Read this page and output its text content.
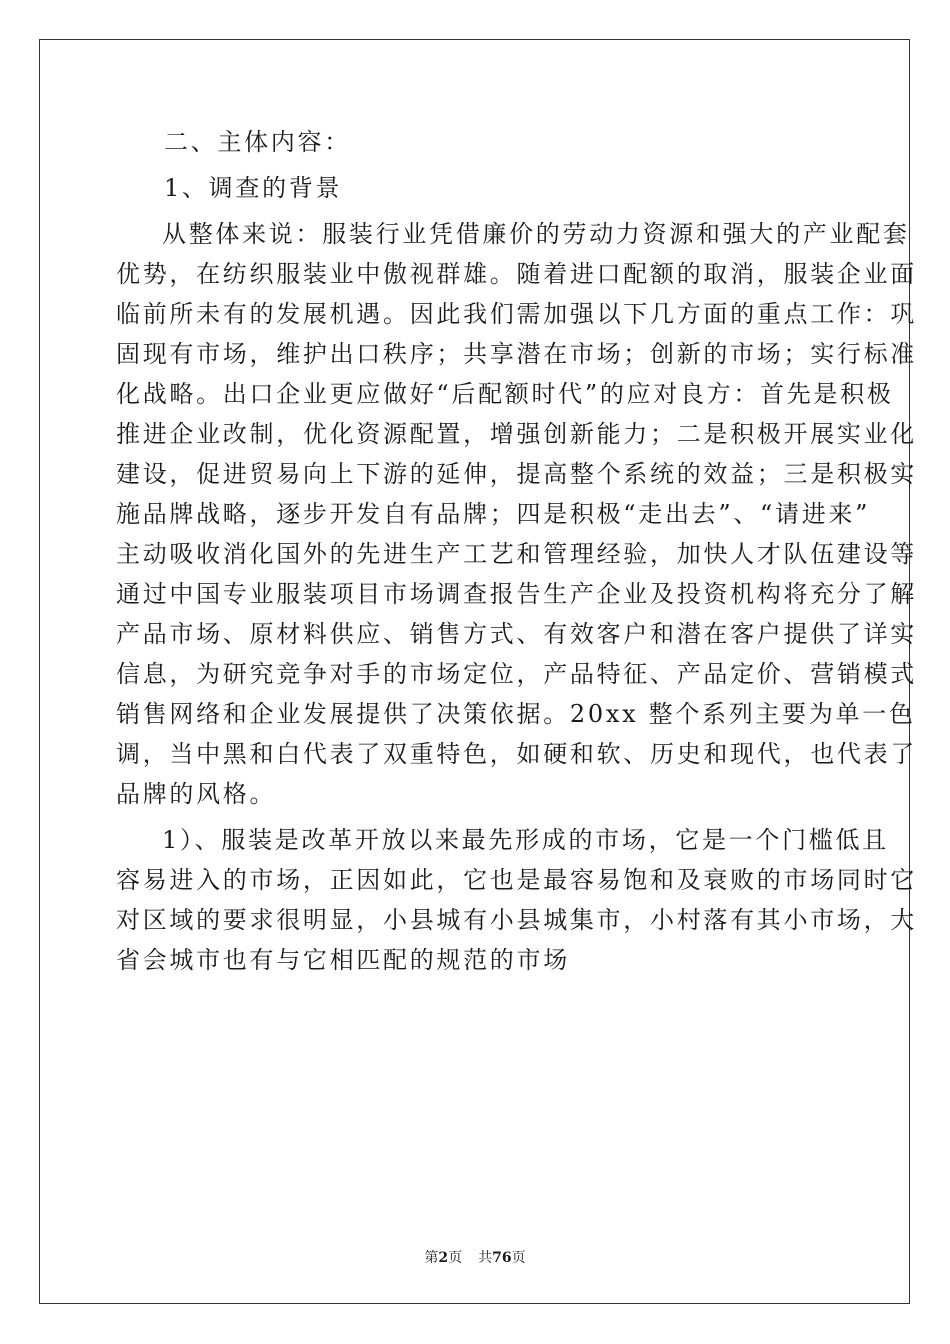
二、主体内容：
1、调查的背景
从整体来说：服装行业凭借廉价的劳动力资源和强大的产业配套
优势，在纺织服装业中傲视群雄。随着进口配额的取消，服装企业面
临前所未有的发展机遇。因此我们需加强以下几方面的重点工作：巩
固现有市场，维护出口秩序；共享潜在市场；创新的市场；实行标准
化战略。出口企业更应做好“后配额时代”的应对良方：首先是积极
推进企业改制，优化资源配置，增强创新能力；二是积极开展实业化
建设，促进贸易向上下游的延伸，提高整个系统的效益；三是积极实
施品牌战略，逐步开发自有品牌；四是积极“走出去”、“请进来”
主动吸收消化国外的先进生产工艺和管理经验，加快人才队伍建设等
通过中国专业服装项目市场调查报告生产企业及投资机构将充分了解
产品市场、原材料供应、销售方式、有效客户和潜在客户提供了详实
信息，为研究竞争对手的市场定位，产品特征、产品定价、营销模式
销售网络和企业发展提供了决策依据。20xx 整个系列主要为单一色
调，当中黑和白代表了双重特色，如硬和软、历史和现代，也代表了
品牌的风格。
1）、服装是改革开放以来最先形成的市场，它是一个门槛低且
容易进入的市场，正因如此，它也是最容易饱和及衰败的市场同时它
对区域的要求很明显，小县城有小县城集市，小村落有其小市场，大
省会城市也有与它相匹配的规范的市场
第2页 共76页
